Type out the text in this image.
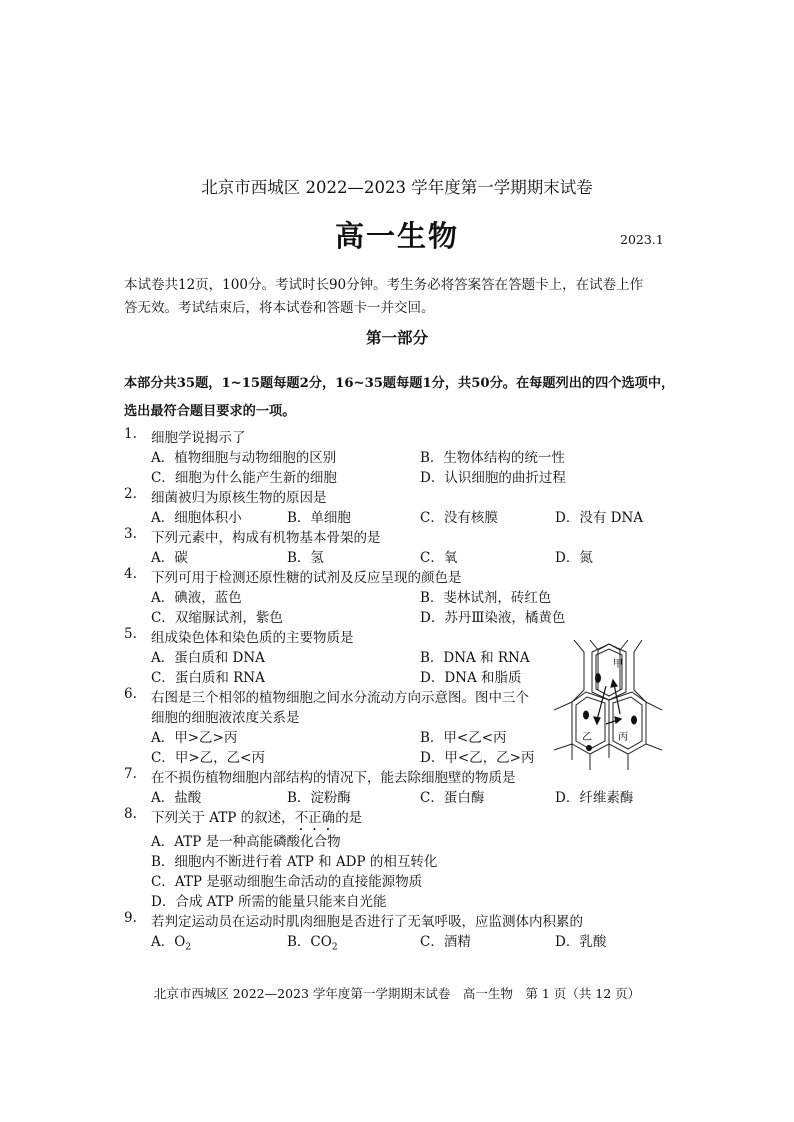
北京市西城区 2022—2023 学年度第一学期期末试卷
高一生物	2023.1
本试卷共12页，100分。考试时长90分钟。考生务必将答案答在答题卡上，在试卷上作
答无效。考试结束后，将本试卷和答题卡一并交回。
第一部分
本部分共35题，1~15题每题2分，16~35题每题1分，共50分。在每题列出的四个选项中，
选出最符合题目要求的一项。
1. 细胞学说揭示了
A．植物细胞与动物细胞的区别	B．生物体结构的统一性
C．细胞为什么能产生新的细胞	D．认识细胞的曲折过程
2. 细菌被归为原核生物的原因是
A．细胞体积小	B．单细胞	C．没有核膜	D．没有 DNA
3. 下列元素中，构成有机物基本骨架的是
A．碳	B．氢	C．氧	D．氮
4. 下列可用于检测还原性糖的试剂及反应呈现的颜色是
A．碘液，蓝色	B．斐林试剂，砖红色
C．双缩脲试剂，紫色	D．苏丹Ⅲ染液，橘黄色
5. 组成染色体和染色质的主要物质是
A．蛋白质和 DNA	B．DNA 和 RNA
C．蛋白质和 RNA	D．DNA 和脂质
6. 右图是三个相邻的植物细胞之间水分流动方向示意图。图中三个
细胞的细胞液浓度关系是
A．甲>乙>丙	B．甲<乙<丙
C．甲>乙，乙<丙	D．甲<乙，乙>丙
7. 在不损伤植物细胞内部结构的情况下，能去除细胞壁的物质是
A．盐酸	B．淀粉酶	C．蛋白酶	D．纤维素酶
8. 下列关于 ATP 的叙述，不正确的是
A．ATP 是一种高能磷酸化合物
B．细胞内不断进行着 ATP 和 ADP 的相互转化
C．ATP 是驱动细胞生命活动的直接能源物质
D．合成 ATP 所需的能量只能来自光能
9. 若判定运动员在运动时肌肉细胞是否进行了无氧呼吸，应监测体内积累的
A．$O_2$	B．$CO_2$	C．酒精	D．乳酸
甲
乙	丙
北京市西城区 2022—2023 学年度第一学期期末试卷　高一生物　第 1 页（共 12 页）
